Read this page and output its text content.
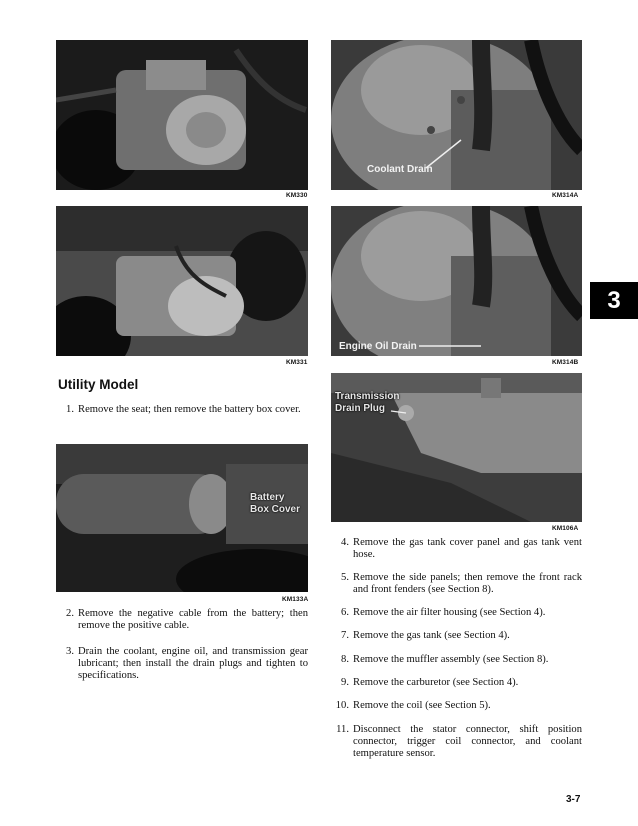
KM330
Coolant Drain
KM314A
KM331
Engine Oil Drain
KM314B
3
Utility Model
1. Remove the seat; then remove the battery box cover.
Battery
Box Cover
KM133A
Transmission
Drain Plug
KM106A
2. Remove the negative cable from the battery; then remove the positive cable.
3. Drain the coolant, engine oil, and transmission gear lubricant; then install the drain plugs and tighten to specifications.
4. Remove the gas tank cover panel and gas tank vent hose.
5. Remove the side panels; then remove the front rack and front fenders (see Section 8).
6. Remove the air filter housing (see Section 4).
7. Remove the gas tank (see Section 4).
8. Remove the muffler assembly (see Section 8).
9. Remove the carburetor (see Section 4).
10. Remove the coil (see Section 5).
11. Disconnect the stator connector, shift position connector, trigger coil connector, and coolant temperature sensor.
3-7
